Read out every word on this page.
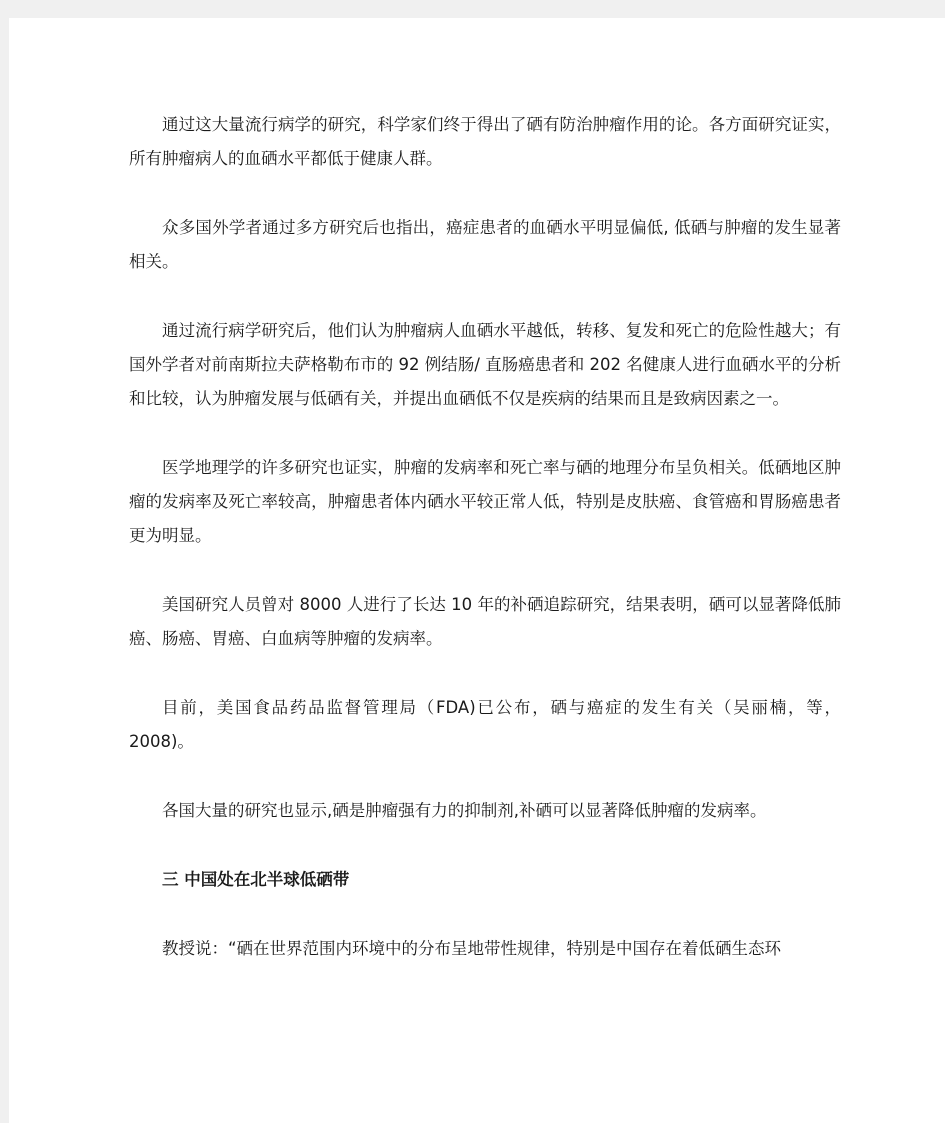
通过这大量流行病学的研究，科学家们终于得出了硒有防治肿瘤作用的论。各方面研究证实，所有肿瘤病人的血硒水平都低于健康人群。

众多国外学者通过多方研究后也指出，癌症患者的血硒水平明显偏低, 低硒与肿瘤的发生显著相关。

通过流行病学研究后，他们认为肿瘤病人血硒水平越低，转移、复发和死亡的危险性越大；有国外学者对前南斯拉夫萨格勒布市的 92 例结肠/ 直肠癌患者和 202 名健康人进行血硒水平的分析和比较，认为肿瘤发展与低硒有关，并提出血硒低不仅是疾病的结果而且是致病因素之一。

医学地理学的许多研究也证实，肿瘤的发病率和死亡率与硒的地理分布呈负相关。低硒地区肿瘤的发病率及死亡率较高，肿瘤患者体内硒水平较正常人低，特别是皮肤癌、食管癌和胃肠癌患者更为明显。

美国研究人员曾对 8000 人进行了长达 10 年的补硒追踪研究，结果表明，硒可以显著降低肺癌、肠癌、胃癌、白血病等肿瘤的发病率。

目前，美国食品药品监督管理局（FDA)已公布，硒与癌症的发生有关（吴丽楠，等，2008)。

各国大量的研究也显示,硒是肿瘤强有力的抑制剂,补硒可以显著降低肿瘤的发病率。

三 中国处在北半球低硒带

教授说：“硒在世界范围内环境中的分布呈地带性规律，特别是中国存在着低硒生态环
